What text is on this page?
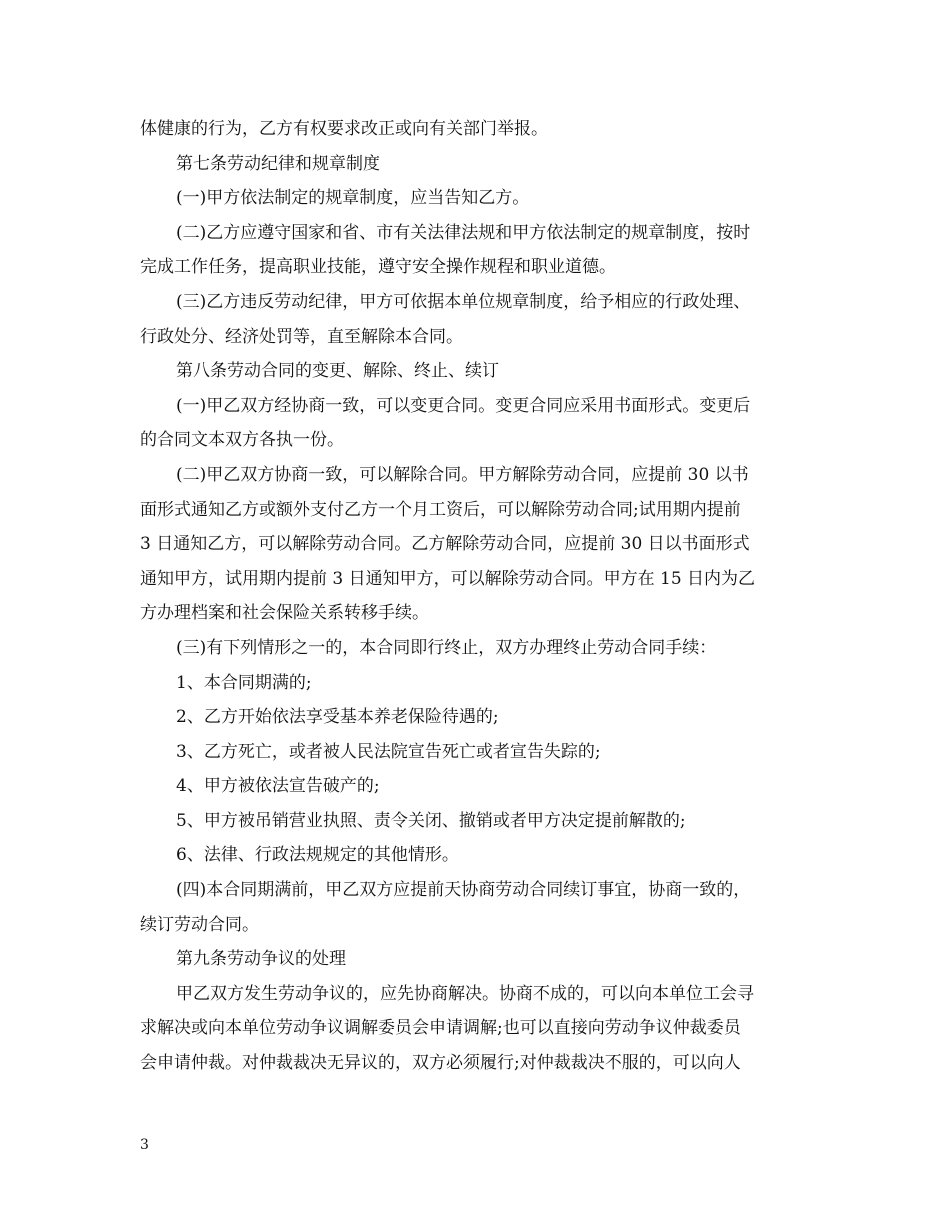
体健康的行为，乙方有权要求改正或向有关部门举报。
第七条劳动纪律和规章制度
(一)甲方依法制定的规章制度，应当告知乙方。
(二)乙方应遵守国家和省、市有关法律法规和甲方依法制定的规章制度，按时
完成工作任务，提高职业技能，遵守安全操作规程和职业道德。
(三)乙方违反劳动纪律，甲方可依据本单位规章制度，给予相应的行政处理、
行政处分、经济处罚等，直至解除本合同。
第八条劳动合同的变更、解除、终止、续订
(一)甲乙双方经协商一致，可以变更合同。变更合同应采用书面形式。变更后
的合同文本双方各执一份。
(二)甲乙双方协商一致，可以解除合同。甲方解除劳动合同，应提前 30 以书
面形式通知乙方或额外支付乙方一个月工资后，可以解除劳动合同;试用期内提前
3 日通知乙方，可以解除劳动合同。乙方解除劳动合同，应提前 30 日以书面形式
通知甲方，试用期内提前 3 日通知甲方，可以解除劳动合同。甲方在 15 日内为乙
方办理档案和社会保险关系转移手续。
(三)有下列情形之一的，本合同即行终止，双方办理终止劳动合同手续：
1、本合同期满的;
2、乙方开始依法享受基本养老保险待遇的;
3、乙方死亡，或者被人民法院宣告死亡或者宣告失踪的;
4、甲方被依法宣告破产的;
5、甲方被吊销营业执照、责令关闭、撤销或者甲方决定提前解散的;
6、法律、行政法规规定的其他情形。
(四)本合同期满前，甲乙双方应提前天协商劳动合同续订事宜，协商一致的，
续订劳动合同。
第九条劳动争议的处理
甲乙双方发生劳动争议的，应先协商解决。协商不成的，可以向本单位工会寻
求解决或向本单位劳动争议调解委员会申请调解;也可以直接向劳动争议仲裁委员
会申请仲裁。对仲裁裁决无异议的，双方必须履行;对仲裁裁决不服的，可以向人
3
